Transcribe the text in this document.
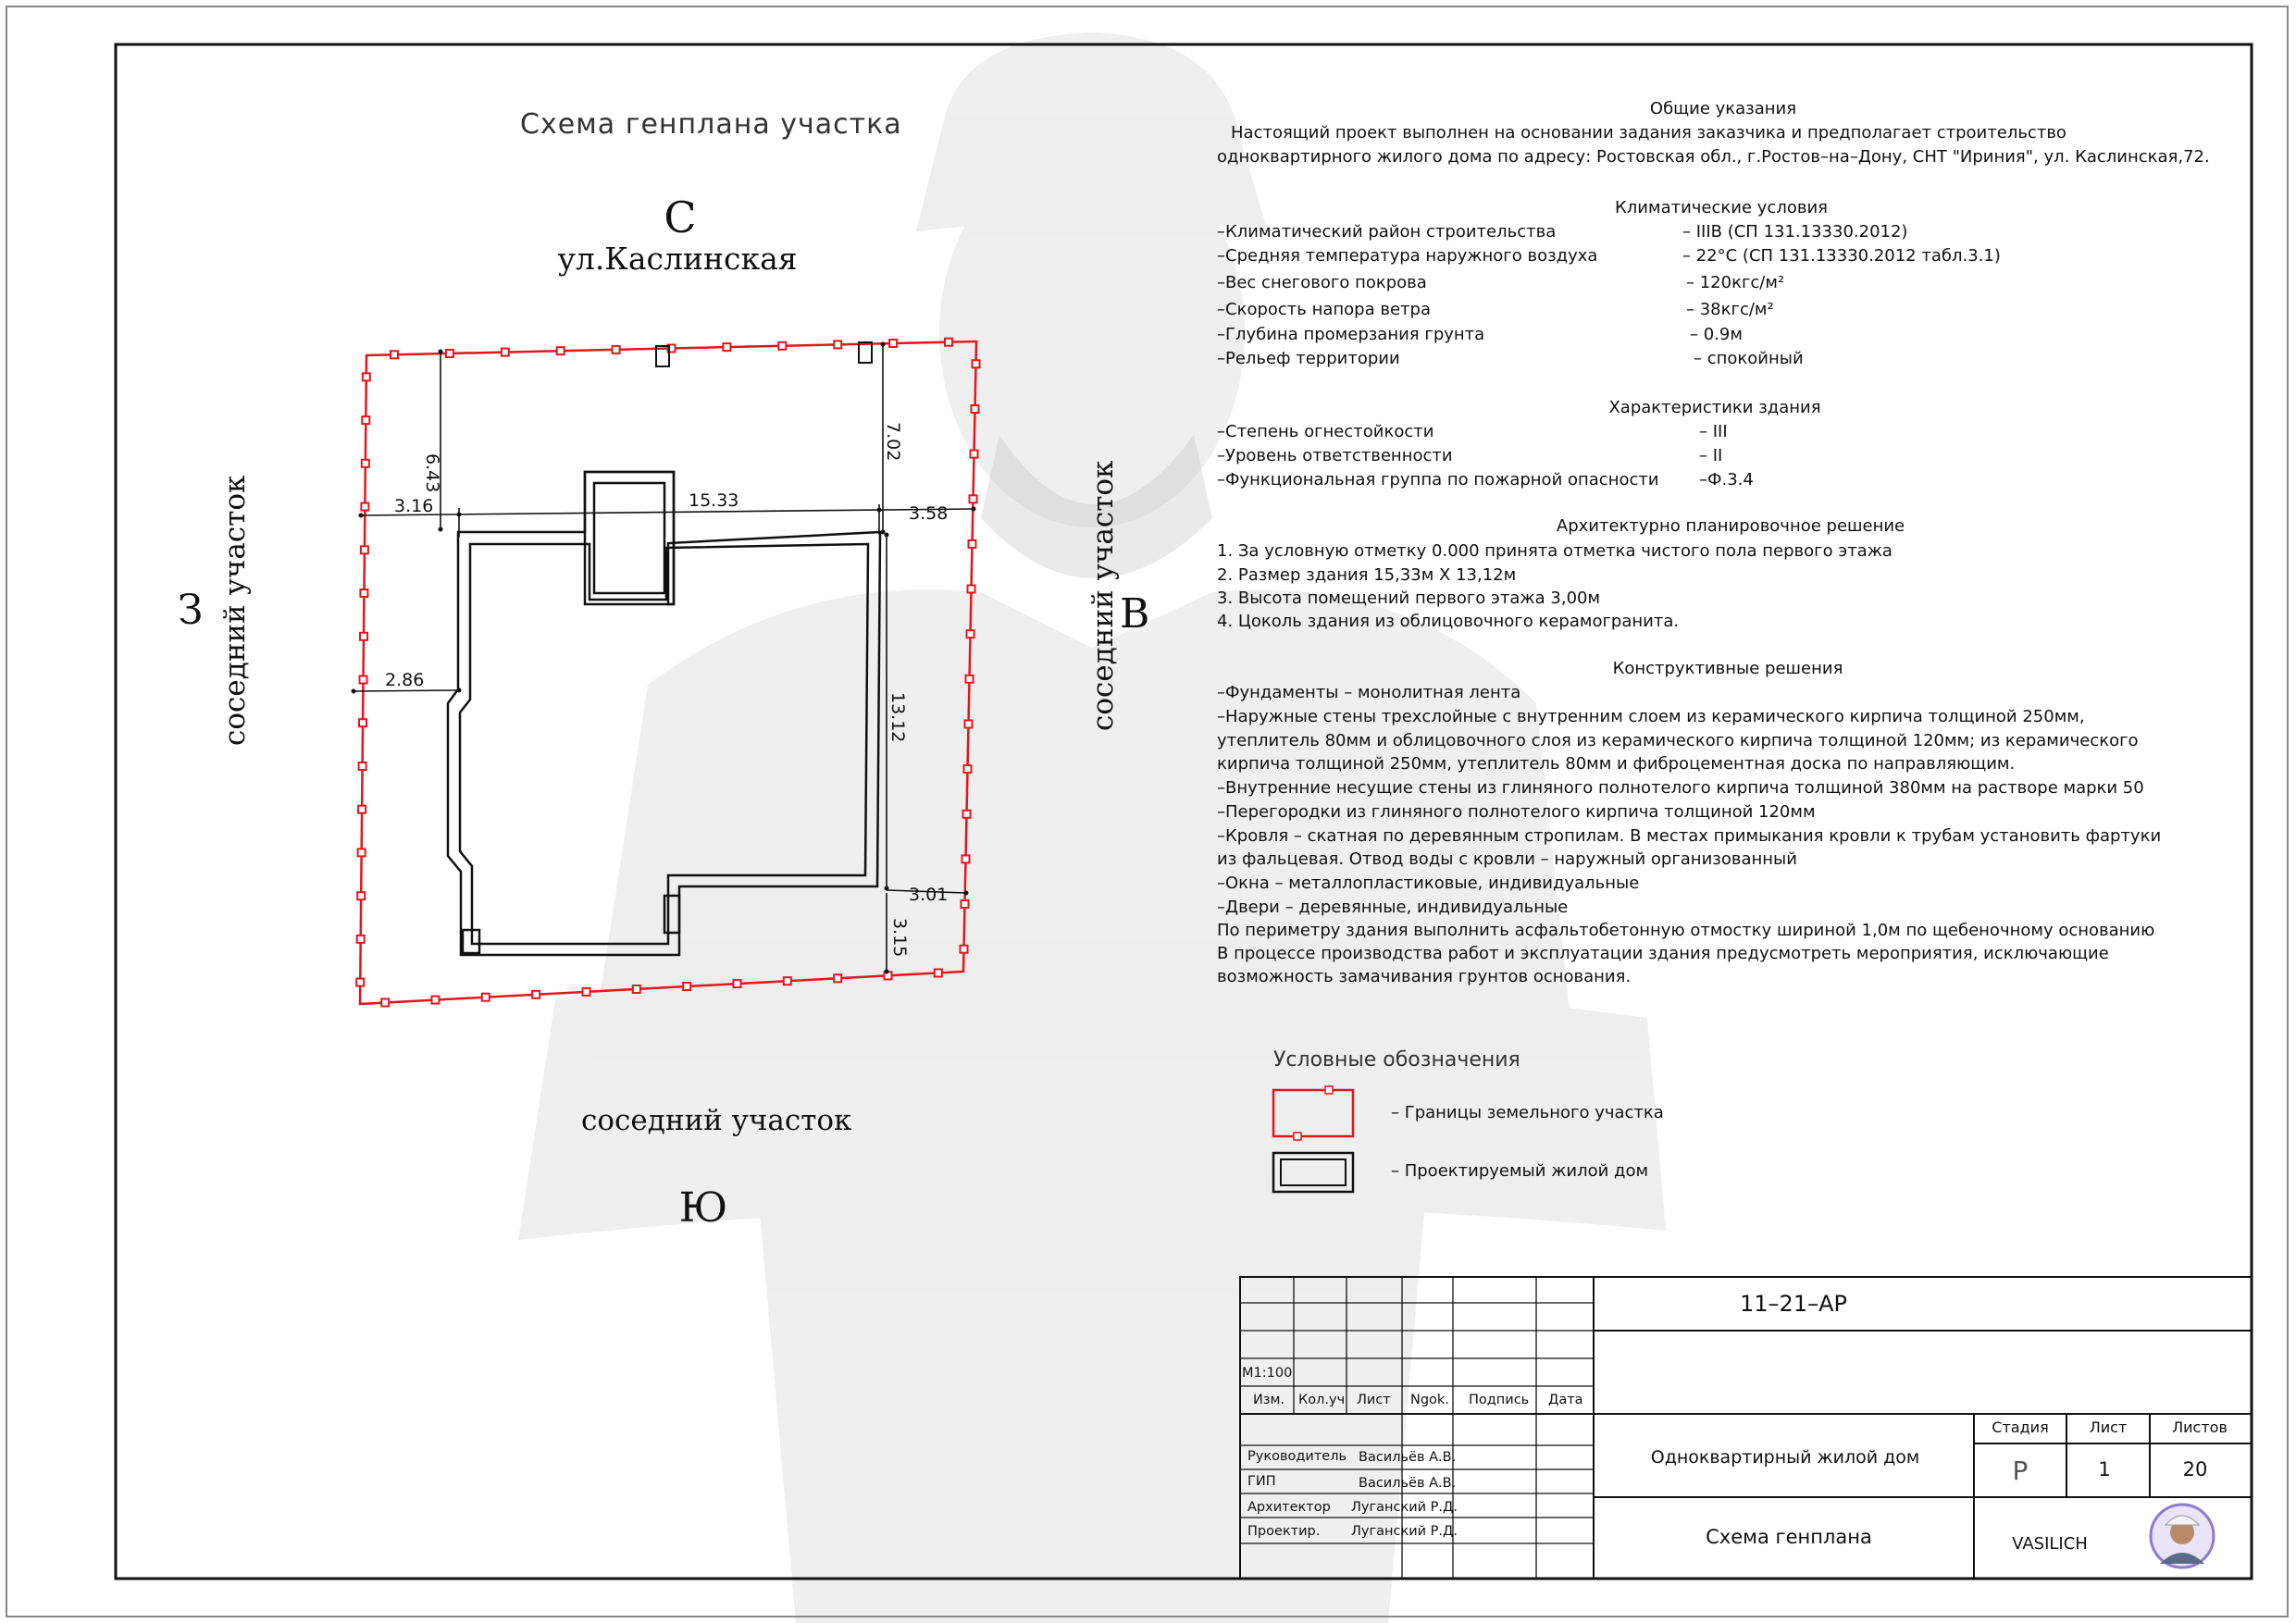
Схема генплана участка
С
ул.Каслинская
З соседний участок	соседний участок В
соседний участок
Ю
6.43
7.02
3.16	15.33
3.58
2.86
13.12
3.01
3.15
Общие указания
Настоящий проект выполнен на основании задания заказчика и предполагает строительство
одноквартирного жилого дома по адресу: Ростовская обл., г.Ростов–на–Дону, СНТ "Ириния", ул. Каслинская,72.
Климатические условия
–Климатический район строительства	– IIIВ (СП 131.13330.2012)
–Средняя температура наружного воздуха	– 22°С (СП 131.13330.2012 табл.3.1)
–Вес снегового покрова	– 120кгс/м²
–Скорость напора ветра	– 38кгс/м²
–Глубина промерзания грунта	– 0.9м
–Рельеф территории	– спокойный
Характеристики здания
–Степень огнестойкости	– III
–Уровень ответственности	– II
–Функциональная группа по пожарной опасности –Ф.3.4
Архитектурно планировочное решение
1. За условную отметку 0.000 принята отметка чистого пола первого этажа
2. Размер здания 15,33м Х 13,12м
3. Высота помещений первого этажа 3,00м
4. Цоколь здания из облицовочного керамогранита.
Конструктивные решения
–Фундаменты – монолитная лента
–Наружные стены трехслойные с внутренним слоем из керамического кирпича толщиной 250мм,
утеплитель 80мм и облицовочного слоя из керамического кирпича толщиной 120мм; из керамического
кирпича толщиной 250мм, утеплитель 80мм и фиброцементная доска по направляющим.
–Внутренние несущие стены из глиняного полнотелого кирпича толщиной 380мм на растворе марки 50
–Перегородки из глиняного полнотелого кирпича толщиной 120мм
–Кровля – скатная по деревянным стропилам. В местах примыкания кровли к трубам установить фартуки
из фальцевая. Отвод воды с кровли – наружный организованный
–Окна – металлопластиковые, индивидуальные
–Двери – деревянные, индивидуальные
По периметру здания выполнить асфальтобетонную отмостку шириной 1,0м по щебеночному основанию
В процессе производства работ и эксплуатации здания предусмотреть мероприятия, исключающие
возможность замачивания грунтов основания.
Условные обозначения
– Границы земельного участка
– Проектируемый жилой дом
11–21–АР
М1:100
Изм. Кол.уч Лист Ngok. Подпись Дата
Руководитель Васильёв А.В.
ГИП	Васильёв А.В.
Архитектор Луганский Р.Д.
Проектир. Луганский Р.Д.
Одноквартирный жилой дом
Схема генплана
Стадия	Лист	Листов
Р	1	20
VASILICH
